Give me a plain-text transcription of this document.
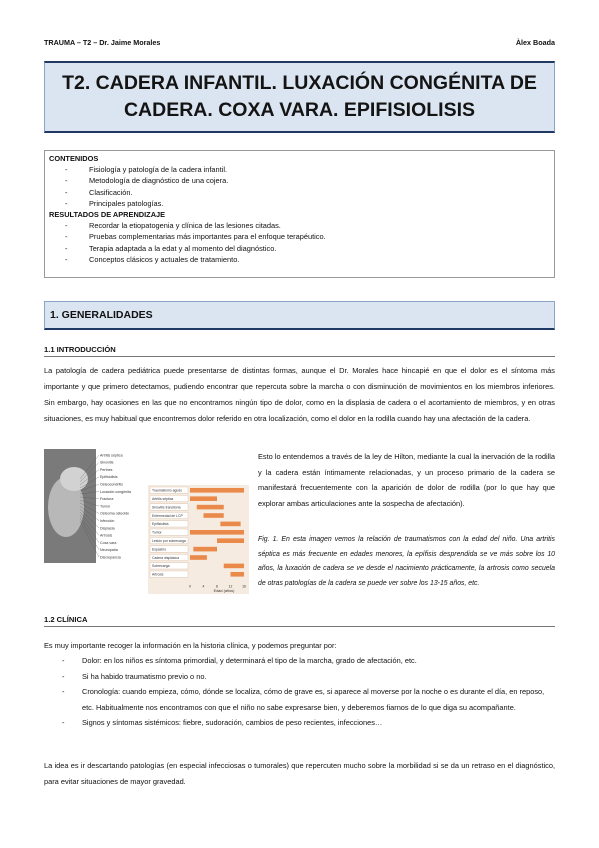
TRAUMA – T2 – Dr. Jaime Morales	Àlex Boada
T2. CADERA INFANTIL. LUXACIÓN CONGÉNITA DE CADERA. COXA VARA. EPIFISIOLISIS
CONTENIDOS
- Fisiología y patología de la cadera infantil.
- Metodología de diagnóstico de una cojera.
- Clasificación.
- Principales patologías.
RESULTADOS DE APRENDIZAJE
- Recordar la etiopatogenia y clínica de las lesiones citadas.
- Pruebas complementarias más importantes para el enfoque terapéutico.
- Terapia adaptada a la edat y al momento del diagnóstico.
- Conceptos clásicos y actuales de tratamiento.
1. GENERALIDADES
1.1 INTRODUCCIÓN
La patología de cadera pediátrica puede presentarse de distintas formas, aunque el Dr. Morales hace hincapié en que el dolor es el síntoma más importante y que primero detectamos, pudiendo encontrar que repercuta sobre la marcha o con disminución de movimientos en los miembros inferiores. Sin embargo, hay ocasiones en las que no encontramos ningún tipo de dolor, como en la displasia de cadera o el acortamiento de miembros, y en otras situaciones, es muy habitual que encontremos dolor referido en otra localización, como el dolor en la rodilla cuando hay una afectación de la cadera.
Artritis séptica
Sinovitis
Perthes
Epifisiolisis
Osteocondritis
Luxación congénita
Fractura
Tumor
Osteoma osteoide
Infección
Displasia
Artrosis
Coxa vara
Neuropatía
Discrepancia
Traumatismo agudo
Artritis séptica
Sinovitis transitoria
Enfermedad de LCP
Epifisiolisis
Tumor
Lesión por sobrecarga
Espasmo
Cadera displásica
Sobrecarga
Artrosis
0	4	8	12	16
Edad (años)
Esto lo entendemos a través de la ley de Hilton, mediante la cual la inervación de la rodilla y la cadera están íntimamente relacionadas, y un proceso primario de la cadera se manifestará frecuentemente con la aparición de dolor de rodilla (por lo que hay que explorar ambas articulaciones ante la sospecha de afectación).
Fig. 1. En esta imagen vemos la relación de traumatismos con la edad del niño. Una artritis séptica es más frecuente en edades menores, la epífisis desprendida se ve más sobre los 10 años, la luxación de cadera se ve desde el nacimiento prácticamente, la artrosis como secuela de otras patologías de la cadera se puede ver sobre los 13-15 años, etc.
1.2 CLÍNICA
Es muy importante recoger la información en la historia clínica, y podemos preguntar por:
- Dolor: en los niños es síntoma primordial, y determinará el tipo de la marcha, grado de afectación, etc.
- Si ha habido traumatismo previo o no.
- Cronología: cuando empieza, cómo, dónde se localiza, cómo de grave es, si aparece al moverse por la noche o es durante el día, en reposo, etc. Habitualmente nos encontramos con que el niño no sabe expresarse bien, y deberemos fiarnos de lo que diga su acompañante.
- Signos y síntomas sistémicos: fiebre, sudoración, cambios de peso recientes, infecciones…
La idea es ir descartando patologías (en especial infecciosas o tumorales) que repercuten mucho sobre la morbilidad si se da un retraso en el diagnóstico, para evitar situaciones de mayor gravedad.
